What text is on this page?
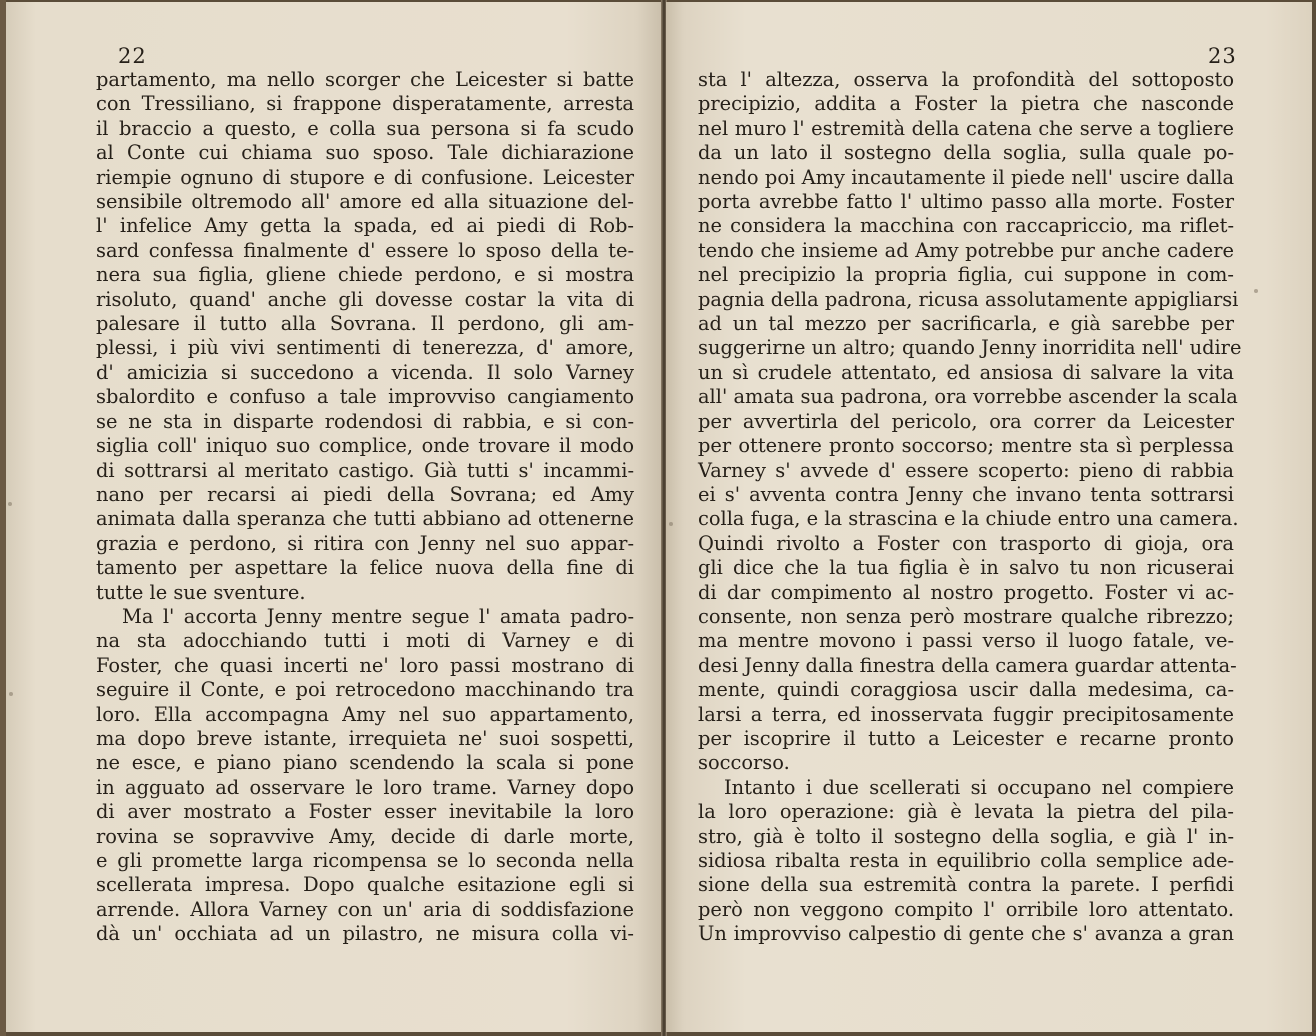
22
partamento, ma nello scorger che Leicester si batte
con Tressiliano, si frappone disperatamente, arresta
il braccio a questo, e colla sua persona si fa scudo
al Conte cui chiama suo sposo. Tale dichiarazione
riempie ognuno di stupore e di confusione. Leicester
sensibile oltremodo all' amore ed alla situazione del-
l' infelice Amy getta la spada, ed ai piedi di Rob-
sard confessa finalmente d' essere lo sposo della te-
nera sua figlia, gliene chiede perdono, e si mostra
risoluto, quand' anche gli dovesse costar la vita di
palesare il tutto alla Sovrana. Il perdono, gli am-
plessi, i più vivi sentimenti di tenerezza, d' amore,
d' amicizia si succedono a vicenda. Il solo Varney
sbalordito e confuso a tale improvviso cangiamento
se ne sta in disparte rodendosi di rabbia, e si con-
siglia coll' iniquo suo complice, onde trovare il modo
di sottrarsi al meritato castigo. Già tutti s' incammi-
nano per recarsi ai piedi della Sovrana; ed Amy
animata dalla speranza che tutti abbiano ad ottenerne
grazia e perdono, si ritira con Jenny nel suo appar-
tamento per aspettare la felice nuova della fine di
tutte le sue sventure.
Ma l' accorta Jenny mentre segue l' amata padro-
na sta adocchiando tutti i moti di Varney e di
Foster, che quasi incerti ne' loro passi mostrano di
seguire il Conte, e poi retrocedono macchinando tra
loro. Ella accompagna Amy nel suo appartamento,
ma dopo breve istante, irrequieta ne' suoi sospetti,
ne esce, e piano piano scendendo la scala si pone
in agguato ad osservare le loro trame. Varney dopo
di aver mostrato a Foster esser inevitabile la loro
rovina se sopravvive Amy, decide di darle morte,
e gli promette larga ricompensa se lo seconda nella
scellerata impresa. Dopo qualche esitazione egli si
arrende. Allora Varney con un' aria di soddisfazione
dà un' occhiata ad un pilastro, ne misura colla vi-
23
sta l' altezza, osserva la profondità del sottoposto
precipizio, addita a Foster la pietra che nasconde
nel muro l' estremità della catena che serve a togliere
da un lato il sostegno della soglia, sulla quale po-
nendo poi Amy incautamente il piede nell' uscire dalla
porta avrebbe fatto l' ultimo passo alla morte. Foster
ne considera la macchina con raccapriccio, ma riflet-
tendo che insieme ad Amy potrebbe pur anche cadere
nel precipizio la propria figlia, cui suppone in com-
pagnia della padrona, ricusa assolutamente appigliarsi
ad un tal mezzo per sacrificarla, e già sarebbe per
suggerirne un altro; quando Jenny inorridita nell' udire
un sì crudele attentato, ed ansiosa di salvare la vita
all' amata sua padrona, ora vorrebbe ascender la scala
per avvertirla del pericolo, ora correr da Leicester
per ottenere pronto soccorso; mentre sta sì perplessa
Varney s' avvede d' essere scoperto: pieno di rabbia
ei s' avventa contra Jenny che invano tenta sottrarsi
colla fuga, e la strascina e la chiude entro una camera.
Quindi rivolto a Foster con trasporto di gioja, ora
gli dice che la tua figlia è in salvo tu non ricuserai
di dar compimento al nostro progetto. Foster vi ac-
consente, non senza però mostrare qualche ribrezzo;
ma mentre movono i passi verso il luogo fatale, ve-
desi Jenny dalla finestra della camera guardar attenta-
mente, quindi coraggiosa uscir dalla medesima, ca-
larsi a terra, ed inosservata fuggir precipitosamente
per iscoprire il tutto a Leicester e recarne pronto
soccorso.
Intanto i due scellerati si occupano nel compiere
la loro operazione: già è levata la pietra del pila-
stro, già è tolto il sostegno della soglia, e già l' in-
sidiosa ribalta resta in equilibrio colla semplice ade-
sione della sua estremità contra la parete. I perfidi
però non veggono compito l' orribile loro attentato.
Un improvviso calpestio di gente che s' avanza a gran
